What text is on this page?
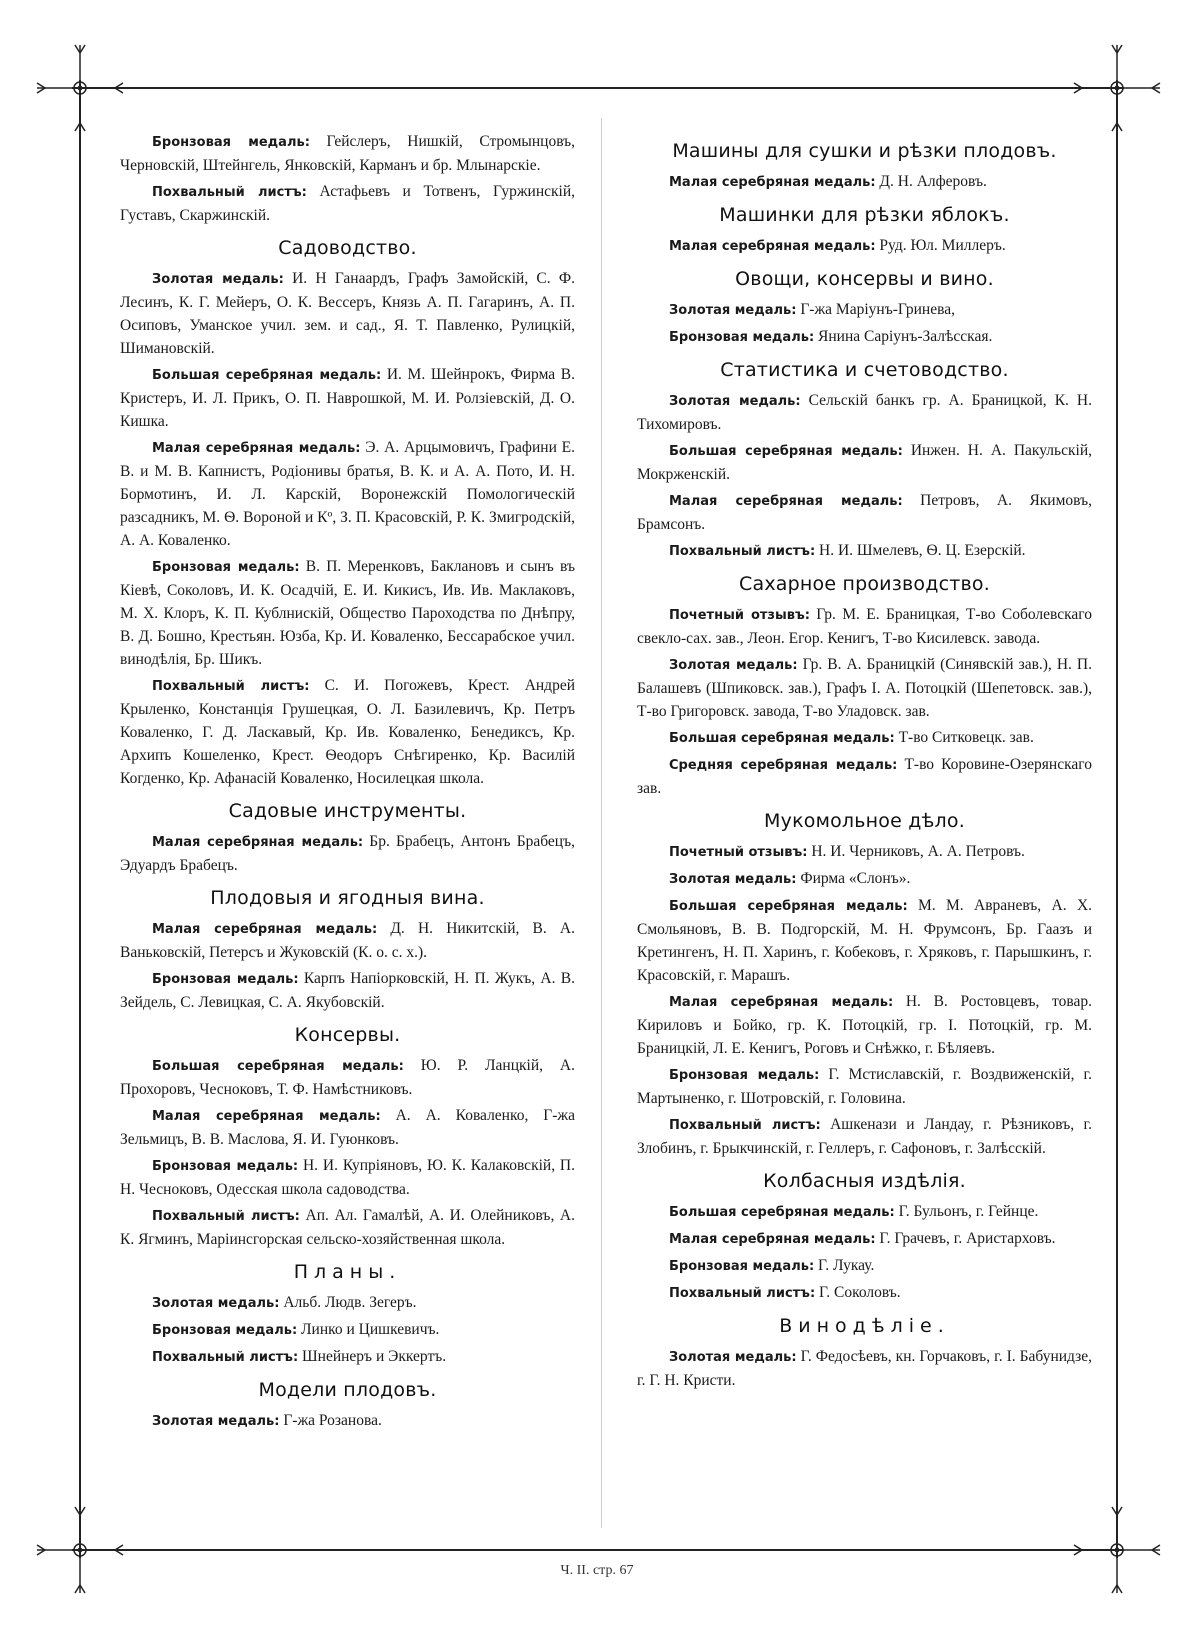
Бронзовая медаль: Гейслеръ, Нишкій, Стромынцовъ, Черновскій, Штейнгель, Янковскій, Карманъ и бр. Млынарскіе.

Похвальный листъ: Астафьевъ и Тотвенъ, Гуржинскій, Густавъ, Скаржинскій.

Садоводство.

Золотая медаль: И. Н Ганаардъ, Графъ Замойскій, С. Ф. Лесинъ, К. Г. Мейеръ, О. К. Вессеръ, Князь А. П. Гагаринъ, А. П. Осиповъ, Уманское учил. зем. и сад., Я. Т. Павленко, Рулицкій, Шимановскій.

Большая серебряная медаль: И. М. Шейнрокъ, Фирма В. Кристеръ, И. Л. Прикъ, О. П. Наврошкой, М. И. Ролзіевскій, Д. О. Кишка.

Малая серебряная медаль: Э. А. Арцымовичъ, Графини Е. В. и М. В. Капнистъ, Родіонивы братья, В. К. и А. А. Пото, И. Н. Бормотинъ, И. Л. Карскій, Воронежскій Помологическій разсадникъ, М. Ѳ. Вороной и Кº, З. П. Красовскій, Р. К. Змигродскій, А. А. Коваленко.

Бронзовая медаль: В. П. Меренковъ, Баклановъ и сынъ въ Кіевѣ, Соколовъ, И. К. Осадчій, Е. И. Кикисъ, Ив. Ив. Маклаковъ, М. Х. Клоръ, К. П. Кублнискій, Общество Пароходства по Днѣпру, В. Д. Бошно, Крестьян. Юзба, Кр. И. Коваленко, Бессарабское учил. винодѣлія, Бр. Шикъ.

Похвальный листъ: С. И. Погожевъ, Крест. Андрей Крыленко, Констанція Грушецкая, О. Л. Базилевичъ, Кр. Петръ Коваленко, Г. Д. Ласкавый, Кр. Ив. Коваленко, Бенедиксъ, Кр. Архипъ Кошеленко, Крест. Ѳеодоръ Снѣгиренко, Кр. Василій Когденко, Кр. Афанасій Коваленко, Носилецкая школа.

Садовые инструменты.

Малая серебряная медаль: Бр. Брабецъ, Антонъ Брабецъ, Эдуардъ Брабецъ.

Плодовыя и ягодныя вина.

Малая серебряная медаль: Д. Н. Никитскій, В. А. Ваньковскій, Петерсъ и Жуковскій (К. о. с. х.).

Бронзовая медаль: Карпъ Напіорковскій, Н. П. Жукъ, А. В. Зейдель, С. Левицкая, С. А. Якубовскій.

Консервы.

Большая серебряная медаль: Ю. Р. Ланцкій, А. Прохоровъ, Чесноковъ, Т. Ф. Намѣстниковъ.

Малая серебряная медаль: А. А. Коваленко, Г-жа Зельмицъ, В. В. Маслова, Я. И. Гуюнковъ.

Бронзовая медаль: Н. И. Купріяновъ, Ю. К. Калаковскій, П. Н. Чесноковъ, Одесская школа садоводства.

Похвальный листъ: Ап. Ал. Гамалѣй, А. И. Олейниковъ, А. К. Ягминъ, Маріинсгорская сельско-хозяйственная школа.

Планы.

Золотая медаль: Альб. Людв. Зегеръ.

Бронзовая медаль: Линко и Цишкевичъ.

Похвальный листъ: Шнейнеръ и Эккертъ.

Модели плодовъ.

Золотая медаль: Г-жа Розанова.

Машины для сушки и рѣзки плодовъ.

Малая серебряная медаль: Д. Н. Алферовъ.

Машинки для рѣзки яблокъ.

Малая серебряная медаль: Руд. Юл. Миллеръ.

Овощи, консервы и вино.

Золотая медаль: Г-жа Маріунъ-Гринева,

Бронзовая медаль: Янина Саріунъ-Залѣсская.

Статистика и счетоводство.

Золотая медаль: Сельскій банкъ гр. А. Браницкой, К. Н. Тихомировъ.

Большая серебряная медаль: Инжен. Н. А. Пакульскій, Мокрженскій.

Малая серебряная медаль: Петровъ, А. Якимовъ, Брамсонъ.

Похвальный листъ: Н. И. Шмелевъ, Ѳ. Ц. Езерскій.

Сахарное производство.

Почетный отзывъ: Гр. М. Е. Браницкая, Т-во Соболевскаго свекло-сах. зав., Леон. Егор. Кенигъ, Т-во Кисилевск. завода.

Золотая медаль: Гр. В. А. Браницкій (Синявскій зав.), Н. П. Балашевъ (Шпиковск. зав.), Графъ І. А. Потоцкій (Шепетовск. зав.), Т-во Григоровск. завода, Т-во Уладовск. зав.

Большая серебряная медаль: Т-во Ситковецк. зав.

Средняя серебряная медаль: Т-во Коровине-Озерянскаго зав.

Мукомольное дѣло.

Почетный отзывъ: Н. И. Черниковъ, А. А. Петровъ.

Золотая медаль: Фирма «Слонъ».

Большая серебряная медаль: М. М. Авраневъ, А. Х. Смольяновъ, В. В. Подгорскій, М. Н. Фрумсонъ, Бр. Гаазъ и Кретингенъ, Н. П. Харинъ, г. Кобековъ, г. Хряковъ, г. Парышкинъ, г. Красовскій, г. Марашъ.

Малая серебряная медаль: Н. В. Ростовцевъ, товар. Кириловъ и Бойко, гр. К. Потоцкій, гр. І. Потоцкій, гр. М. Браницкій, Л. Е. Кенигъ, Роговъ и Снѣжко, г. Бѣляевъ.

Бронзовая медаль: Г. Мстиславскій, г. Воздвиженскій, г. Мартыненко, г. Шотровскій, г. Головина.

Похвальный листъ: Ашкенази и Ландау, г. Рѣзниковъ, г. Злобинъ, г. Брыкчинскій, г. Геллеръ, г. Сафоновъ, г. Залѣсскій.

Колбасныя издѣлія.

Большая серебряная медаль: Г. Бульонъ, г. Гейнце.

Малая серебряная медаль: Г. Грачевъ, г. Аристарховъ.

Бронзовая медаль: Г. Лукау.

Похвальный листъ: Г. Соколовъ.

Винодѣліе.

Золотая медаль: Г. Федосѣевъ, кн. Горчаковъ, г. І. Бабунидзе, г. Г. Н. Кристи.

Ч. II. стр. 67
